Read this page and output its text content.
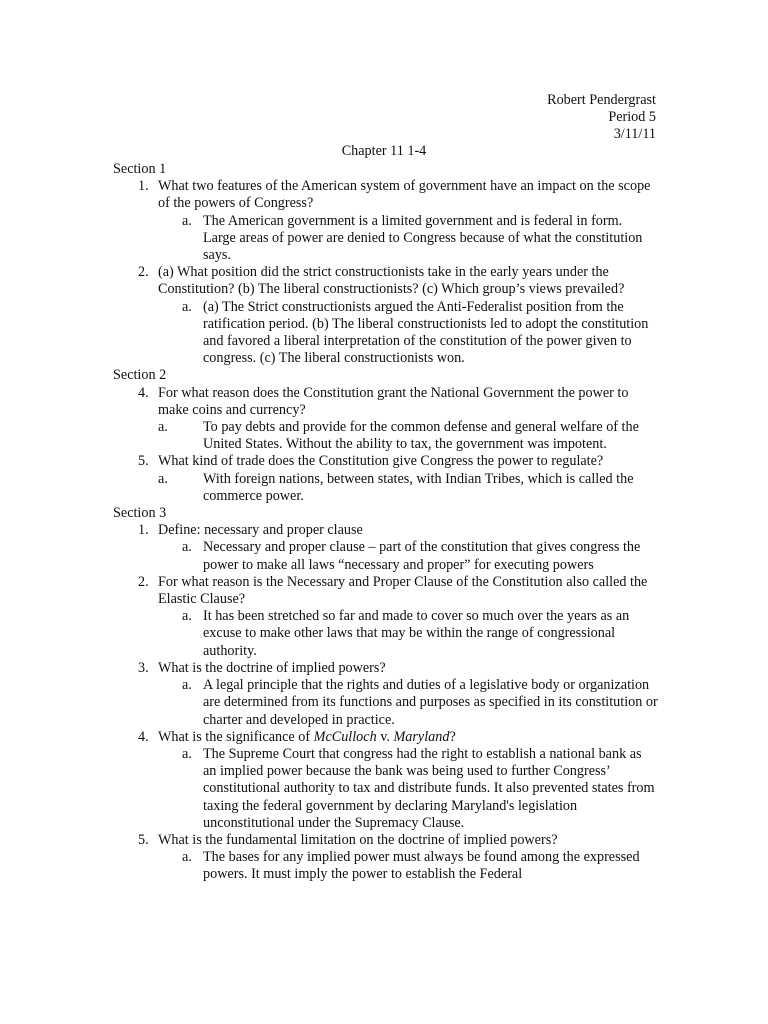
Robert Pendergrast
Period 5
3/11/11
Chapter 11 1-4
Section 1
1. What two features of the American system of government have an impact on the scope of the powers of Congress?
a. The American government is a limited government and is federal in form. Large areas of power are denied to Congress because of what the constitution says.
2. (a) What position did the strict constructionists take in the early years under the Constitution? (b) The liberal constructionists? (c) Which group’s views prevailed?
a. (a) The Strict constructionists argued the Anti-Federalist position from the ratification period. (b) The liberal constructionists led to adopt the constitution and favored a liberal interpretation of the constitution of the power given to congress. (c) The liberal constructionists won.
Section 2
4. For what reason does the Constitution grant the National Government the power to make coins and currency?
a. To pay debts and provide for the common defense and general welfare of the United States. Without the ability to tax, the government was impotent.
5. What kind of trade does the Constitution give Congress the power to regulate?
a. With foreign nations, between states, with Indian Tribes, which is called the commerce power.
Section 3
1. Define: necessary and proper clause
a. Necessary and proper clause – part of the constitution that gives congress the power to make all laws “necessary and proper” for executing powers
2. For what reason is the Necessary and Proper Clause of the Constitution also called the Elastic Clause?
a. It has been stretched so far and made to cover so much over the years as an excuse to make other laws that may be within the range of congressional authority.
3. What is the doctrine of implied powers?
a. A legal principle that the rights and duties of a legislative body or organization are determined from its functions and purposes as specified in its constitution or charter and developed in practice.
4. What is the significance of McCulloch v. Maryland?
a. The Supreme Court that congress had the right to establish a national bank as an implied power because the bank was being used to further Congress’ constitutional authority to tax and distribute funds. It also prevented states from taxing the federal government by declaring Maryland's legislation unconstitutional under the Supremacy Clause.
5. What is the fundamental limitation on the doctrine of implied powers?
a. The bases for any implied power must always be found among the expressed powers. It must imply the power to establish the Federal
